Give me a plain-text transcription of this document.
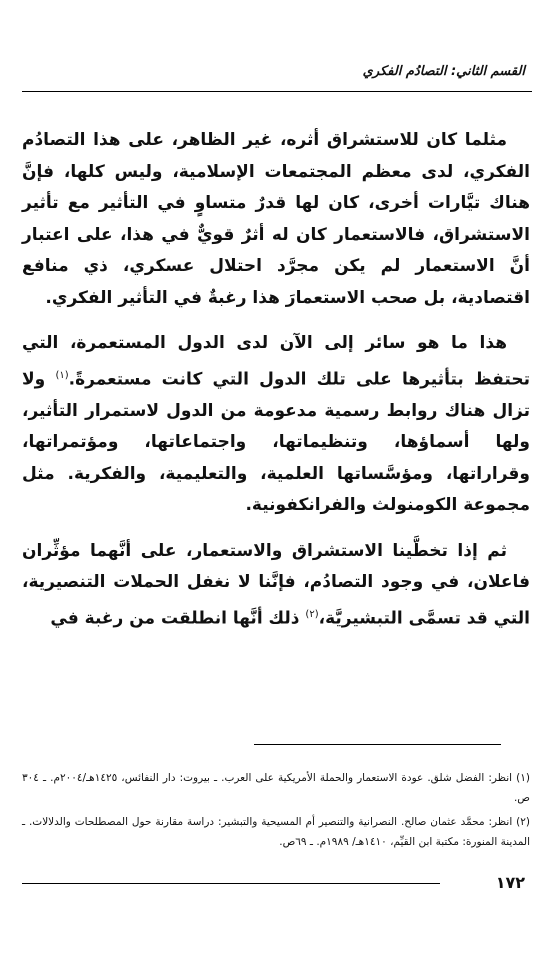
القسم الثاني: التصادُم الفكري

مثلما كان للاستشراق أثره، غير الظاهر، على هذا التصادُم الفكري، لدى معظم المجتمعات الإسلامية، وليس كلها، فإنَّ هناك تيَّارات أخرى، كان لها قدرٌ متساوٍ في التأثير مع تأثير الاستشراق، فالاستعمار كان له أثرٌ قويٌّ في هذا، على اعتبار أنَّ الاستعمار لم يكن مجرَّد احتلال عسكري، ذي منافع اقتصادية، بل صحب الاستعمارَ هذا رغبةٌ في التأثير الفكري.

هذا ما هو سائر إلى الآن لدى الدول المستعمرة، التي تحتفظ بتأثيرها على تلك الدول التي كانت مستعمرةً.$^{(١)}$ ولا تزال هناك روابط رسمية مدعومة من الدول لاستمرار التأثير، ولها أسماؤها، وتنظيماتها، واجتماعاتها، ومؤتمراتها، وقراراتها، ومؤسَّساتها العلمية، والتعليمية، والفكرية. مثل مجموعة الكومنولث والفرانكفونية.

ثم إذا تخطَّينا الاستشراق والاستعمار، على أنَّهما مؤثِّران فاعلان، في وجود التصادُم، فإنَّنا لا نغفل الحملات التنصيرية، التي قد تسمَّى التبشيريَّة،$^{(٢)}$ ذلك أنَّها انطلقت من رغبة في

(١) انظر: الفضل شلق. عودة الاستعمار والحملة الأمريكية على العرب. ـ بيروت: دار النفائس، ١٤٢٥هـ/٢٠٠٤م. ـ ٣٠٤ ص.

(٢) انظر: محمَّد عثمان صالح. النصرانية والتنصير أم المسيحية والتبشير: دراسة مقارنة حول المصطلحات والدلالات. ـ المدينة المنورة: مكتبة ابن القيِّم، ١٤١٠هـ/ ١٩٨٩م. ـ ٦٩ص.

١٧٢
